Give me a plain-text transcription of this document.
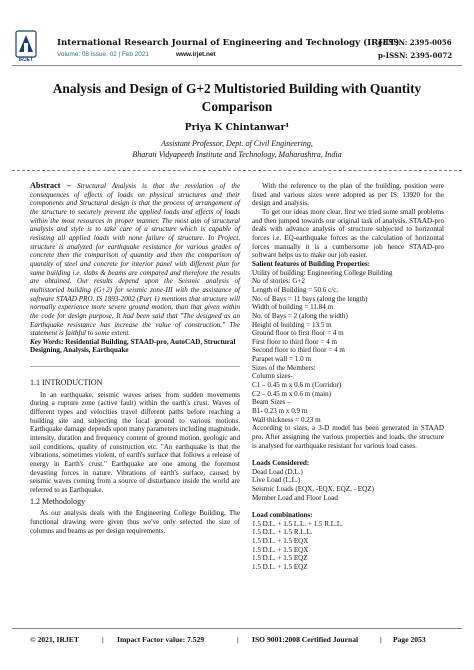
IRJET
International Research Journal of Engineering and Technology (IRJET)
Volume: 08 Issue: 02 | Feb 2021	www.irjet.net
e-ISSN: 2395-0056
p-ISSN: 2395-0072
Analysis and Design of G+2 Multistoried Building with Quantity
Comparison
Priya K Chintanwar¹
Assistant Professor, Dept. of Civil Engineering,
Bharati Vidyapeeth Institute and Technology, Maharashtra, India
Abstract – Structural Analysis is that the revelation of the consequences of effects of loads on physical structures and their components and Structural design is that the process of arrangement of the structure to securely prevent the applied loads and effects of loads within the most resources in proper manner. The most aim of structural analysis and style is to take care of a structure which is capable of resisting all applied loads with none failure of structure. In Project, structure is analyzed for earthquake resistance for various grades of concrete then the comparison of quantity and then the comparison of quantity of steel and concrete for interior panel with different plan for same building i.e. slabs & beams are compared and therefore the results are obtained. Our results depend upon the Seismic analysis of multistoried building (G+2) for seismic zone-III with the assistance of software STAAD PRO. IS 1893-2002 (Part 1) mentions that structure will normally experience more severe ground motion, than that given within the code for design purpose, It had been said that "The designed as an Earthquake resistance has increase the value of construction." The statement is faithful to some extent.
Key Words: Residential Building, STAAD-pro, AutoCAD, Structural Designing, Analysis, Earthquake
1.1 INTRODUCTION

In an earthquake, seismic waves arises from sudden movements during a rupture zone (active fault) within the earth's crust. Waves of different types and velocities travel different paths before reaching a building site and subjecting the local ground to various motions. Earthquake damage depends upon many parameters including magnitude, intensity, duration and frequency content of ground motion, geologic and soil conditions, quality of construction etc. "An earthquake is that the vibrations, sometimes violent, of earth's surface that follows a release of energy in Earth's crust." Earthquake are one among the foremost devasting forces in nature. Vibrations of earth's surface, caused by seismic waves coming from a source of disturbance inside the world are referred to as Earthquake.

1.2 Methodology

As our analysis deals with the Engineering College Building, The functional drawing were given thus we've only selected the size of columns and beams as per design requirements.

With the reference to the plan of the building, position were fixed and various sizes were adopted as per IS: 13920 for the design and analysis.

To get our ideas more clear, first we tried some small problems and then jumped towards our original task of analysis. STAAD-pro deals with advance analysis of structure subjected to horizontal forces i.e. EQ-earthquake forces as the calculation of horizontal forces manually it is a cumbersome job hence STAAD-pro software helps us to make our job easier.

Salient features of Building Properties:

Utility of building: Engineering College Building

No of stories: G+2

Length of Building = 50.6 c/c.

No. of Bays = 11 bays (along the length)

Width of building = 11.84 m

No. of Bays = 2 (along the width)

Height of building = 13.5 m

Ground floor to first floor = 4 m

First floor to third floor = 4 m

Second floor to third floor = 4 m

Parapet wall = 1.0 m

Sizes of the Members:

Column sizes-

C1 – 0.45 m x 0.6 m (Corridor)

C2 – 0.45 m x 0.6 m (main)

Beam Sizes –

B1- 0.23 m x 0.9 m

Wall thickness = 0.23 m

According to sizes, a 3-D model has been generated in STAAD pro. After assigning the various properties and loads, the structure is analysed for earthquake resistant for various load cases.

Loads Considered:

Dead Load (D.L.)

Live Load (L.L.)

Seismic Loads (EQX, -EQX, EQZ, - EQZ)

Member Load and Floor Load

Load combinations:

1.5 D.L. + 1.5 L.L. + 1.5 R.L.L.

1.5 D.L. + 1.5 R.L.L.

1.5 D.L. + 1.5 EQX

1.5 D.L. + 1.5 EQX

1.5 D.L. + 1.5 EQZ

1.5 D.L. + 1.5 EQZ

© 2021, IRJET	| Impact Factor value: 7.529	| ISO 9001:2008 Certified Journal	| Page 2053
